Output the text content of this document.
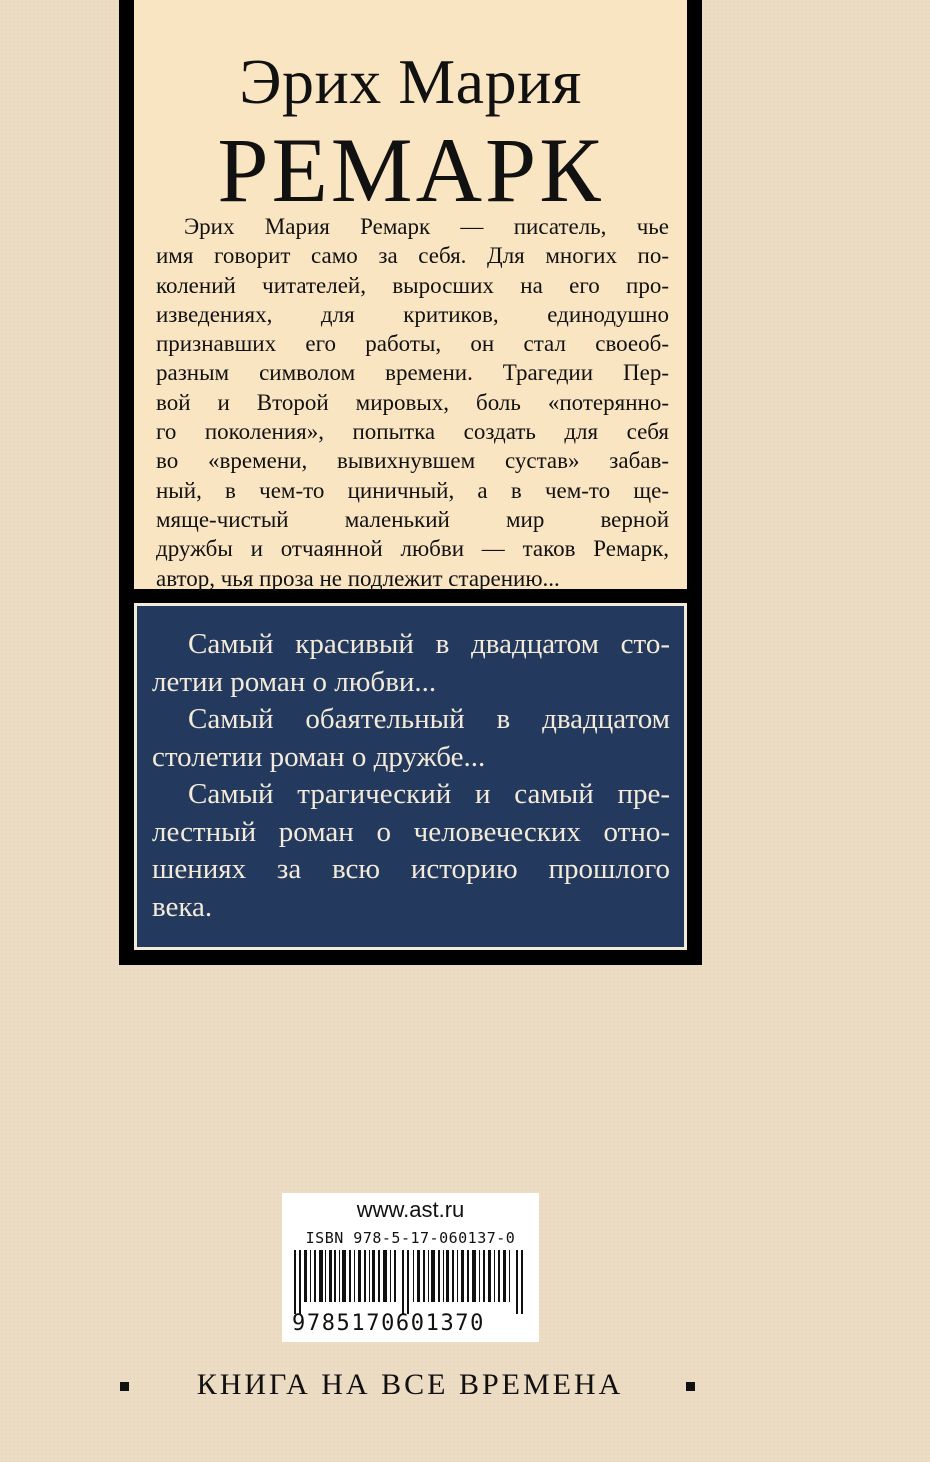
Эрих Мария
РЕМАРК
Эрих Мария Ремарк — писатель, чье
имя говорит само за себя. Для многих по-
колений читателей, выросших на его про-
изведениях, для критиков, единодушно
признавших его работы, он стал своеоб-
разным символом времени. Трагедии Пер-
вой и Второй мировых, боль «потерянно-
го поколения», попытка создать для себя
во «времени, вывихнувшем сустав» забав-
ный, в чем-то циничный, а в чем-то ще-
мяще-чистый маленький мир верной
дружбы и отчаянной любви — таков Ремарк,
автор, чья проза не подлежит старению...
Самый красивый в двадцатом сто-
летии роман о любви...
Самый обаятельный в двадцатом
столетии роман о дружбе...
Самый трагический и самый пре-
лестный роман о человеческих отно-
шениях за всю историю прошлого
века.
www.ast.ru
ISBN 978-5-17-060137-0
9785170601370
КНИГА НА ВСЕ ВРЕМЕНА
